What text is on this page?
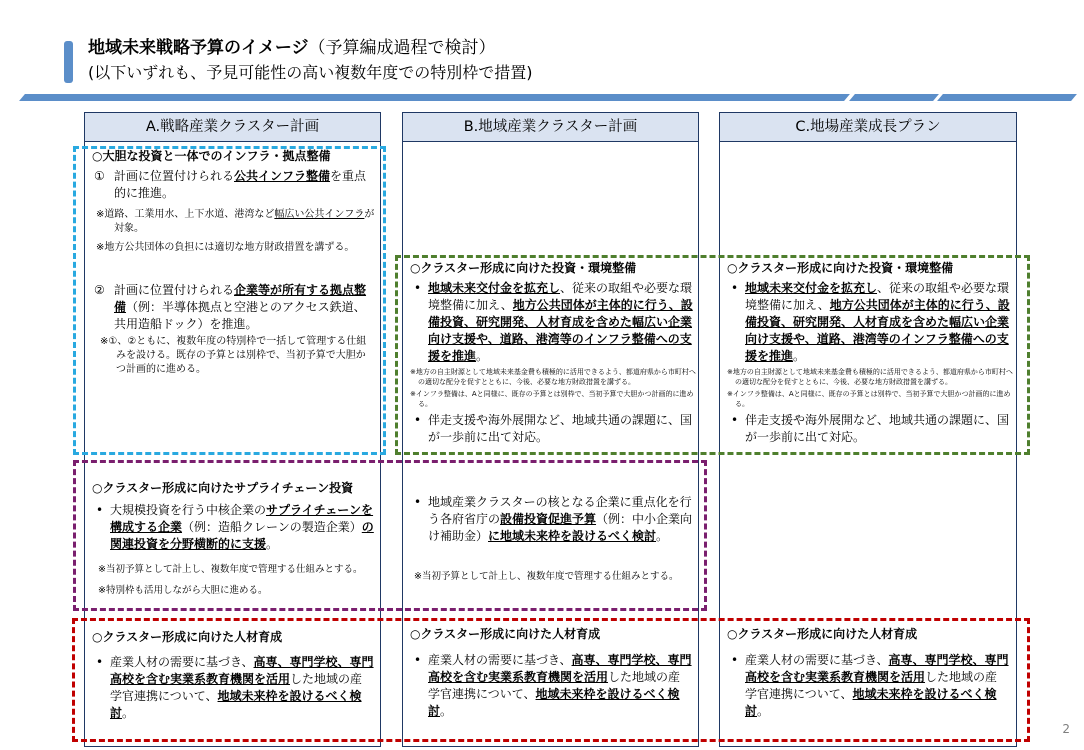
地域未来戦略予算のイメージ（予算編成過程で検討）
(以下いずれも、予見可能性の高い複数年度での特別枠で措置)
A.戦略産業クラスター計画	B.地域産業クラスター計画	C.地場産業成長プラン
○大胆な投資と一体でのインフラ・拠点整備
① 計画に位置付けられる公共インフラ整備を重点的に推進。
※道路、工業用水、上下水道、港湾など幅広い公共インフラが対象。
※地方公共団体の負担には適切な地方財政措置を講ずる。
② 計画に位置付けられる企業等が所有する拠点整備（例：半導体拠点と空港とのアクセス鉄道、共用造船ドック）を推進。
※①、②ともに、複数年度の特別枠で一括して管理する仕組みを設ける。既存の予算とは別枠で、当初予算で大胆かつ計画的に進める。
○クラスター形成に向けた投資・環境整備
• 地域未来交付金を拡充し、従来の取組や必要な環境整備に加え、地方公共団体が主体的に行う、設備投資、研究開発、人材育成を含めた幅広い企業向け支援や、道路、港湾等のインフラ整備への支援を推進。
※地方の自主財源として地域未来基金費も積極的に活用できるよう、都道府県から市町村への適切な配分を促すとともに、今後、必要な地方財政措置を講ずる。
※インフラ整備は、Aと同様に、既存の予算とは別枠で、当初予算で大胆かつ計画的に進める。
• 伴走支援や海外展開など、地域共通の課題に、国が一歩前に出て対応。
○クラスター形成に向けた投資・環境整備
• 地域未来交付金を拡充し、従来の取組や必要な環境整備に加え、地方公共団体が主体的に行う、設備投資、研究開発、人材育成を含めた幅広い企業向け支援や、道路、港湾等のインフラ整備への支援を推進。
※地方の自主財源として地域未来基金費も積極的に活用できるよう、都道府県から市町村への適切な配分を促すとともに、今後、必要な地方財政措置を講ずる。
※インフラ整備は、Aと同様に、既存の予算とは別枠で、当初予算で大胆かつ計画的に進める。
• 伴走支援や海外展開など、地域共通の課題に、国が一歩前に出て対応。
○クラスター形成に向けたサプライチェーン投資
• 大規模投資を行う中核企業のサプライチェーンを構成する企業（例：造船クレーンの製造企業）の関連投資を分野横断的に支援。
※当初予算として計上し、複数年度で管理する仕組みとする。
※特別枠も活用しながら大胆に進める。
• 地域産業クラスターの核となる企業に重点化を行う各府省庁の設備投資促進予算（例：中小企業向け補助金）に地域未来枠を設けるべく検討。
※当初予算として計上し、複数年度で管理する仕組みとする。
○クラスター形成に向けた人材育成
• 産業人材の需要に基づき、高専、専門学校、専門高校を含む実業系教育機関を活用した地域の産学官連携について、地域未来枠を設けるべく検討。
○クラスター形成に向けた人材育成
• 産業人材の需要に基づき、高専、専門学校、専門高校を含む実業系教育機関を活用した地域の産学官連携について、地域未来枠を設けるべく検討。
○クラスター形成に向けた人材育成
• 産業人材の需要に基づき、高専、専門学校、専門高校を含む実業系教育機関を活用した地域の産学官連携について、地域未来枠を設けるべく検討。
2
